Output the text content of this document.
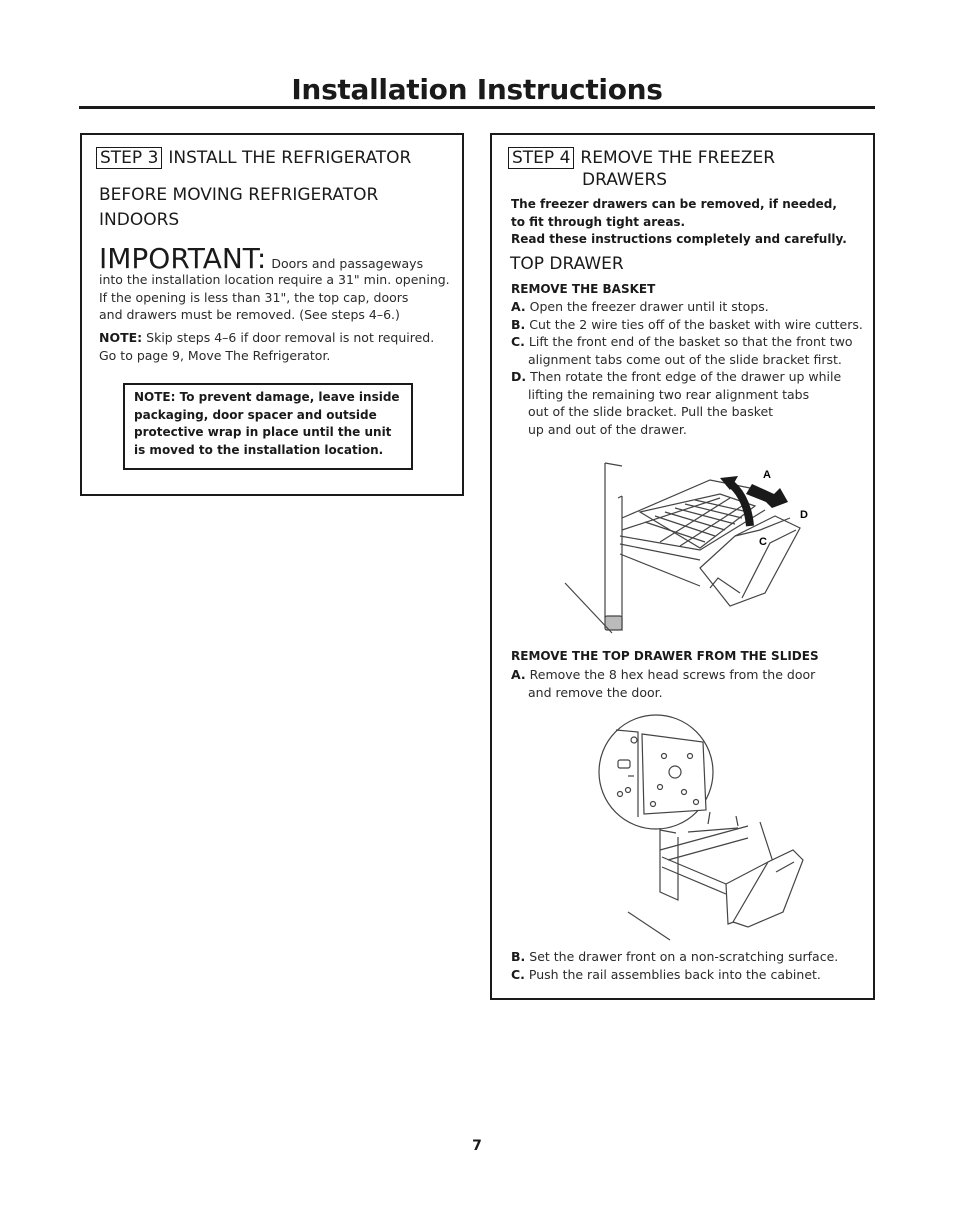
Installation Instructions
STEP 3 INSTALL THE REFRIGERATOR
BEFORE MOVING REFRIGERATOR
INDOORS
IMPORTANT: Doors and passageways
into the installation location require a 31" min. opening.
If the opening is less than 31", the top cap, doors
and drawers must be removed. (See steps 4–6.)
NOTE: Skip steps 4–6 if door removal is not required.
Go to page 9, Move The Refrigerator.
NOTE: To prevent damage, leave inside
packaging, door spacer and outside
protective wrap in place until the unit
is moved to the installation location.
STEP 4 REMOVE THE FREEZER
DRAWERS
The freezer drawers can be removed, if needed,
to fit through tight areas.
Read these instructions completely and carefully.
TOP DRAWER
REMOVE THE BASKET
A. Open the freezer drawer until it stops.
B. Cut the 2 wire ties off of the basket with wire cutters.
C. Lift the front end of the basket so that the front two
alignment tabs come out of the slide bracket first.
D. Then rotate the front edge of the drawer up while
lifting the remaining two rear alignment tabs
out of the slide bracket. Pull the basket
up and out of the drawer.
A
D
C
REMOVE THE TOP DRAWER FROM THE SLIDES
A. Remove the 8 hex head screws from the door
and remove the door.
B. Set the drawer front on a non-scratching surface.
C. Push the rail assemblies back into the cabinet.
7
